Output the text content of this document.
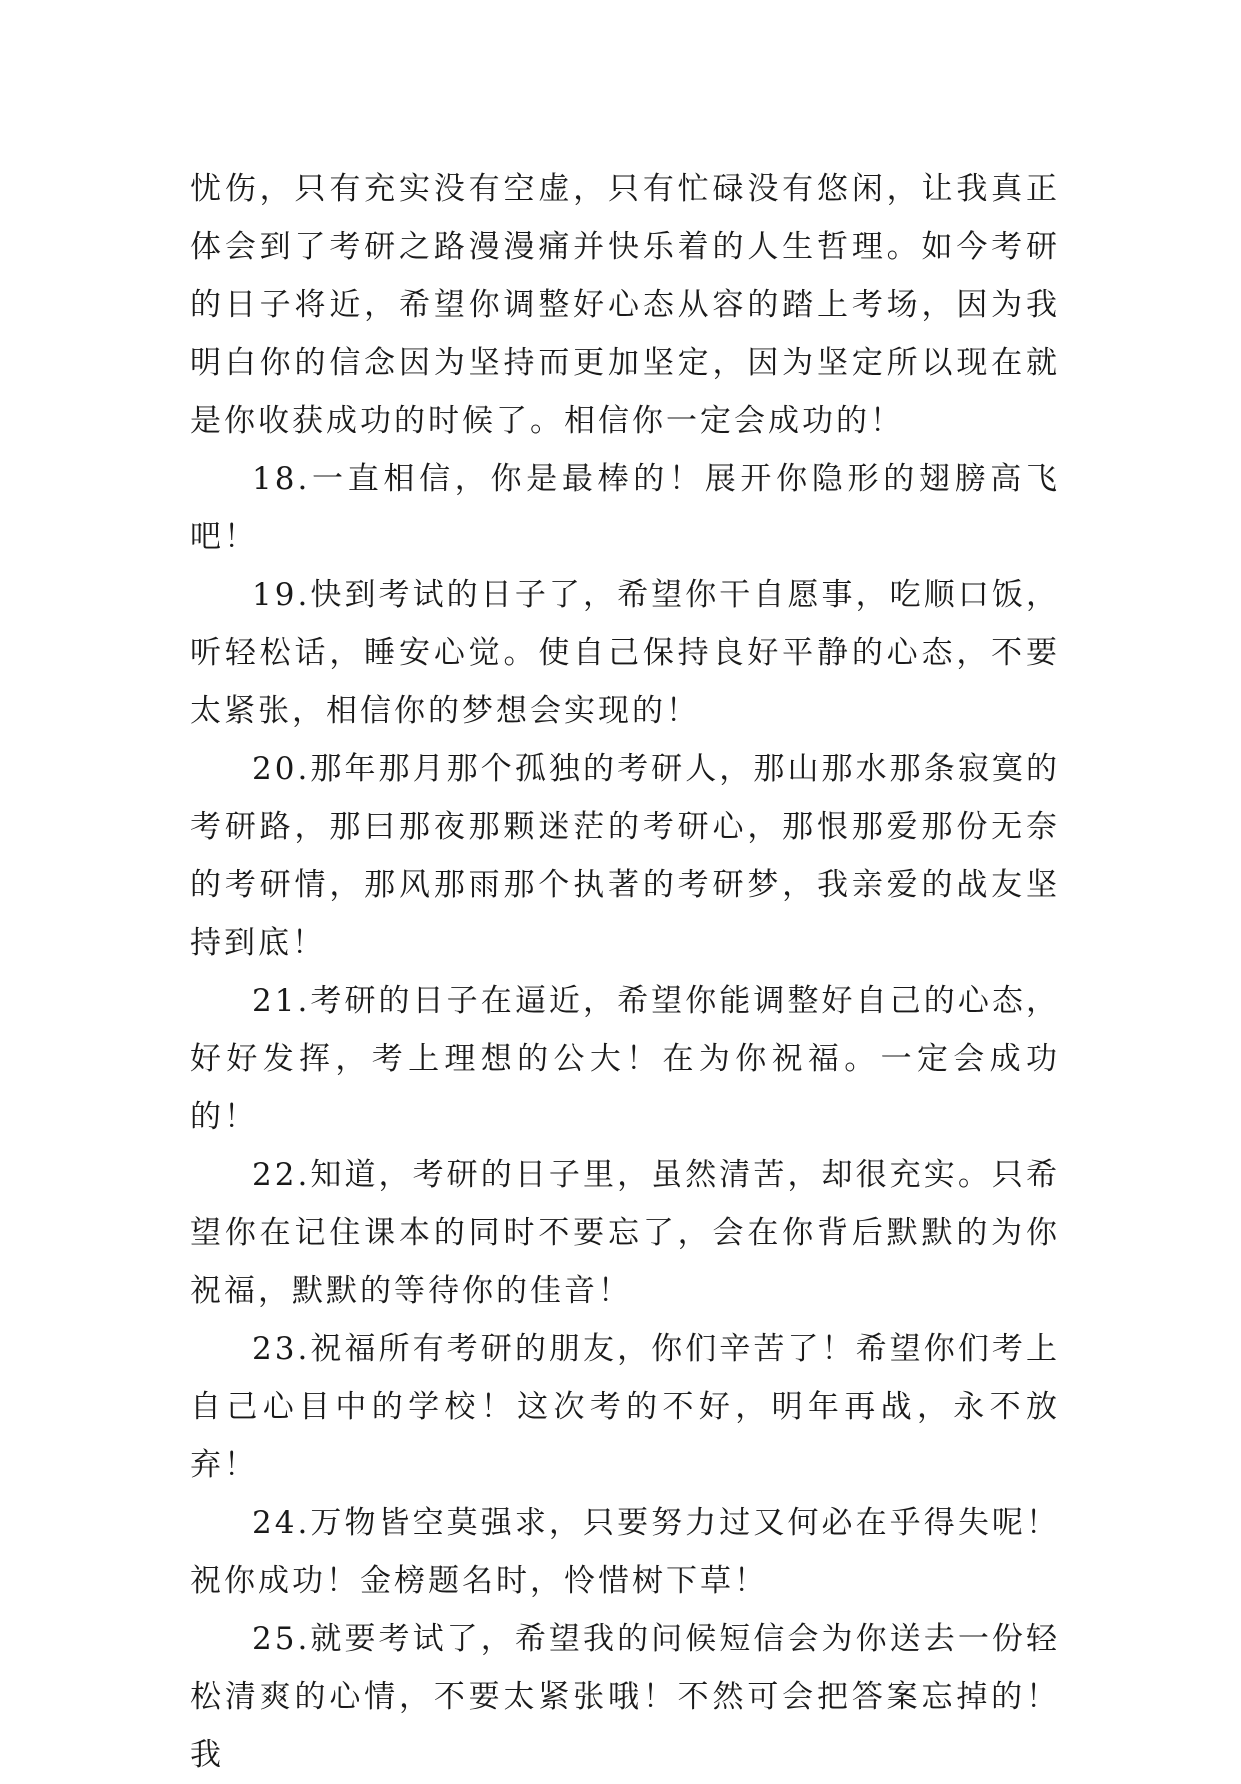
忧伤，只有充实没有空虚，只有忙碌没有悠闲，让我真正体会到了考研之路漫漫痛并快乐着的人生哲理。如今考研的日子将近，希望你调整好心态从容的踏上考场，因为我明白你的信念因为坚持而更加坚定，因为坚定所以现在就是你收获成功的时候了。相信你一定会成功的！

18.一直相信，你是最棒的！展开你隐形的翅膀高飞吧！

19.快到考试的日子了，希望你干自愿事，吃顺口饭，听轻松话，睡安心觉。使自己保持良好平静的心态，不要太紧张，相信你的梦想会实现的！

20.那年那月那个孤独的考研人，那山那水那条寂寞的考研路，那曰那夜那颗迷茫的考研心，那恨那爱那份无奈的考研情，那风那雨那个执著的考研梦，我亲爱的战友坚持到底！

21.考研的日子在逼近，希望你能调整好自己的心态，好好发挥，考上理想的公大！在为你祝福。一定会成功的！

22.知道，考研的日子里，虽然清苦，却很充实。只希望你在记住课本的同时不要忘了，会在你背后默默的为你祝福，默默的等待你的佳音！

23.祝福所有考研的朋友，你们辛苦了！希望你们考上自己心目中的学校！这次考的不好，明年再战，永不放弃！

24.万物皆空莫强求，只要努力过又何必在乎得失呢！祝你成功！金榜题名时，怜惜树下草！

25.就要考试了，希望我的问候短信会为你送去一份轻松清爽的心情，不要太紧张哦！不然可会把答案忘掉的！我
